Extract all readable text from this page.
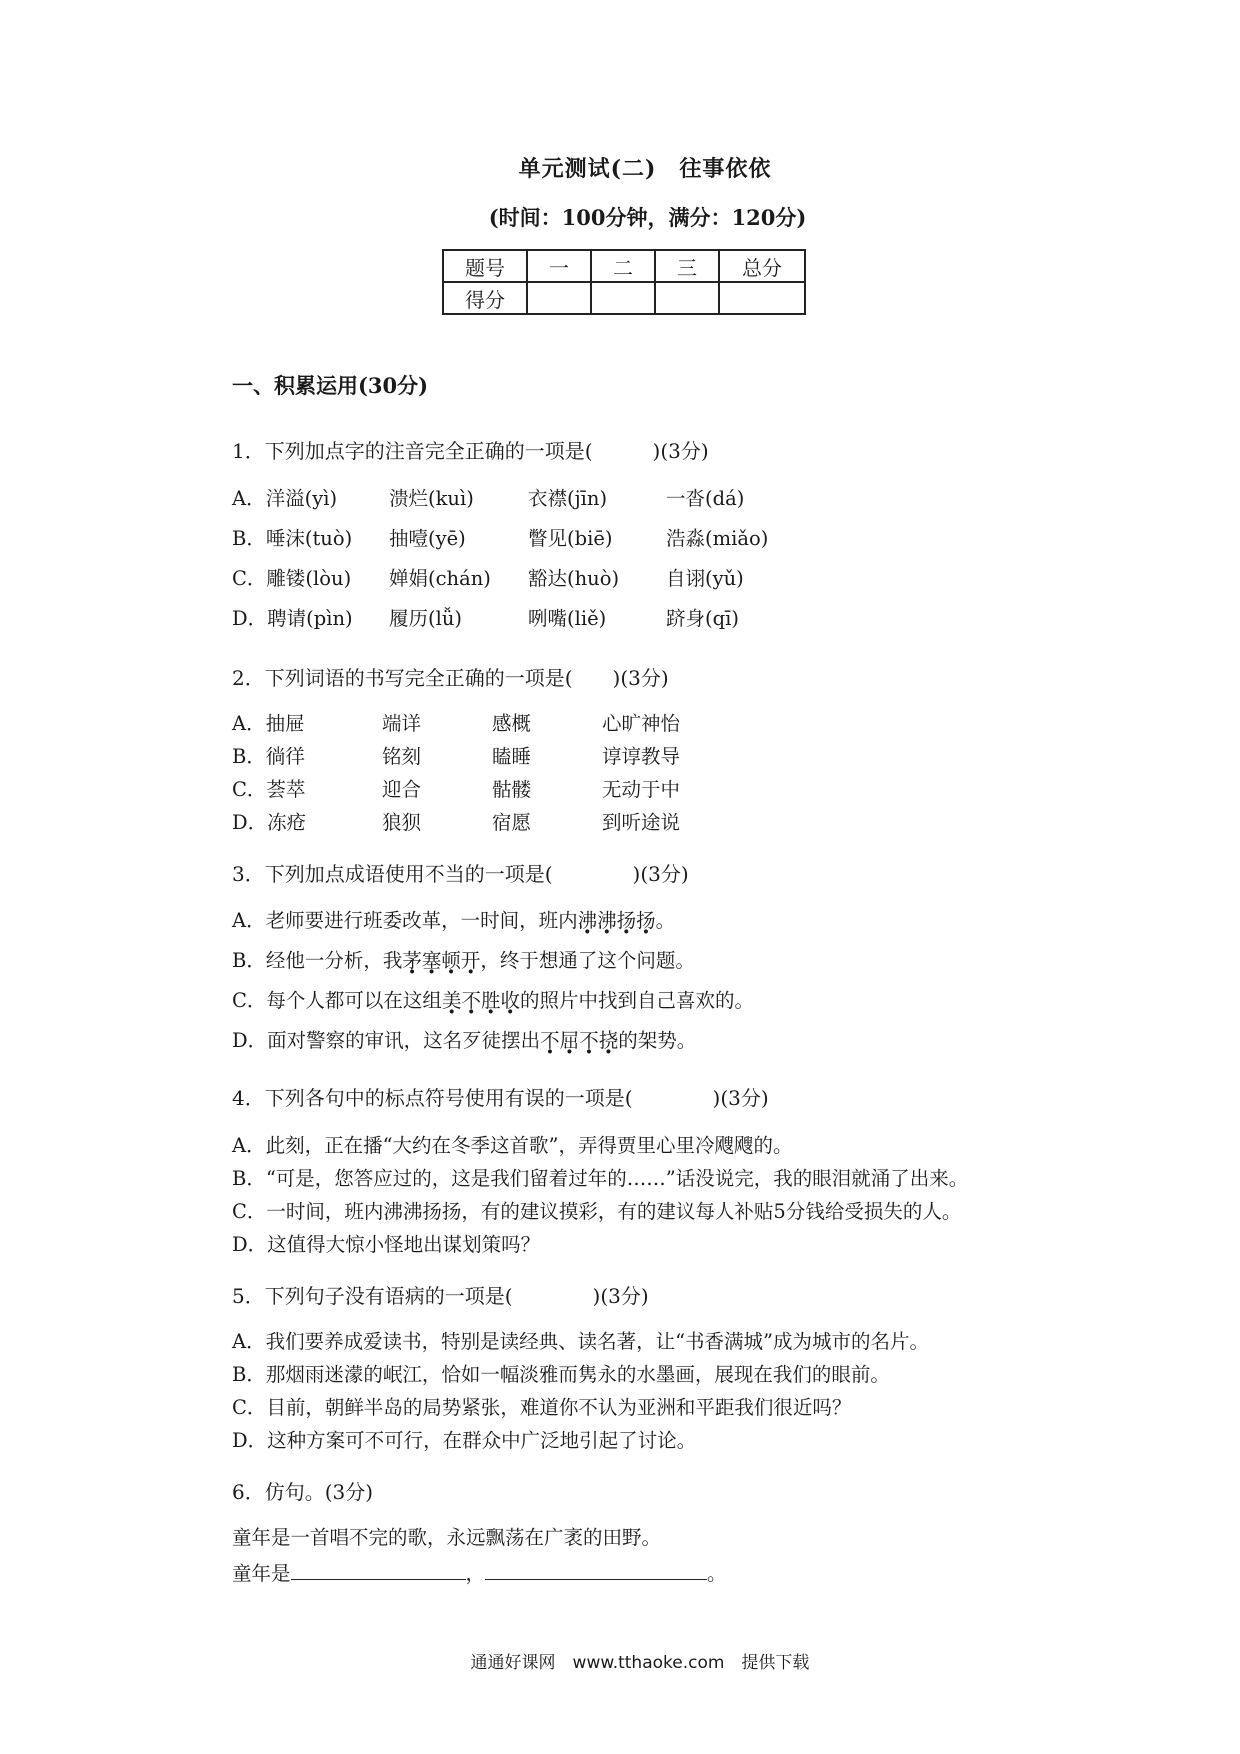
单元测试(二)　往事依依
(时间：100分钟，满分：120分)
题号	一	二	三	总分
得分				
一、积累运用(30分)
1．下列加点字的注音完全正确的一项是(　　　)(3分)
A．洋溢(yì)	溃烂(kuì)	衣襟(jīn)	一沓(dá)
B．唾沫(tuò) 抽噎(yē)	瞥见(biē)	浩淼(miǎo)
C．雕镂(lòu) 婵娟(chán) 豁达(huò) 自诩(yǔ)
D．聘请(pìn) 履历(lǚ)	咧嘴(liě)	跻身(qī)
2．下列词语的书写完全正确的一项是(　　)(3分)
A．抽屉	端详	感概	心旷神怡
B．徜徉	铭刻	瞌睡	谆谆教导
C．荟萃	迎合	骷髅	无动于中
D．冻疮	狼狈	宿愿	到听途说
3．下列加点成语使用不当的一项是(　　　　)(3分)
A．老师要进行班委改革，一时间，班内沸沸扬扬。
B．经他一分析，我茅塞顿开，终于想通了这个问题。
C．每个人都可以在这组美不胜收的照片中找到自己喜欢的。
D．面对警察的审讯，这名歹徒摆出不屈不挠的架势。
4．下列各句中的标点符号使用有误的一项是(　　　　)(3分)
A．此刻，正在播“大约在冬季这首歌”，弄得贾里心里冷飕飕的。
B．“可是，您答应过的，这是我们留着过年的……”话没说完，我的眼泪就涌了出来。
C．一时间，班内沸沸扬扬，有的建议摸彩，有的建议每人补贴5分钱给受损失的人。
D．这值得大惊小怪地出谋划策吗？
5．下列句子没有语病的一项是(　　　　)(3分)
A．我们要养成爱读书，特别是读经典、读名著，让“书香满城”成为城市的名片。
B．那烟雨迷濛的岷江，恰如一幅淡雅而隽永的水墨画，展现在我们的眼前。
C．目前，朝鲜半岛的局势紧张，难道你不认为亚洲和平距我们很近吗？
D．这种方案可不可行，在群众中广泛地引起了讨论。
6．仿句。(3分)
童年是一首唱不完的歌，永远飘荡在广袤的田野。
童年是	，	。
通通好课网　www.tthaoke.com　提供下载
